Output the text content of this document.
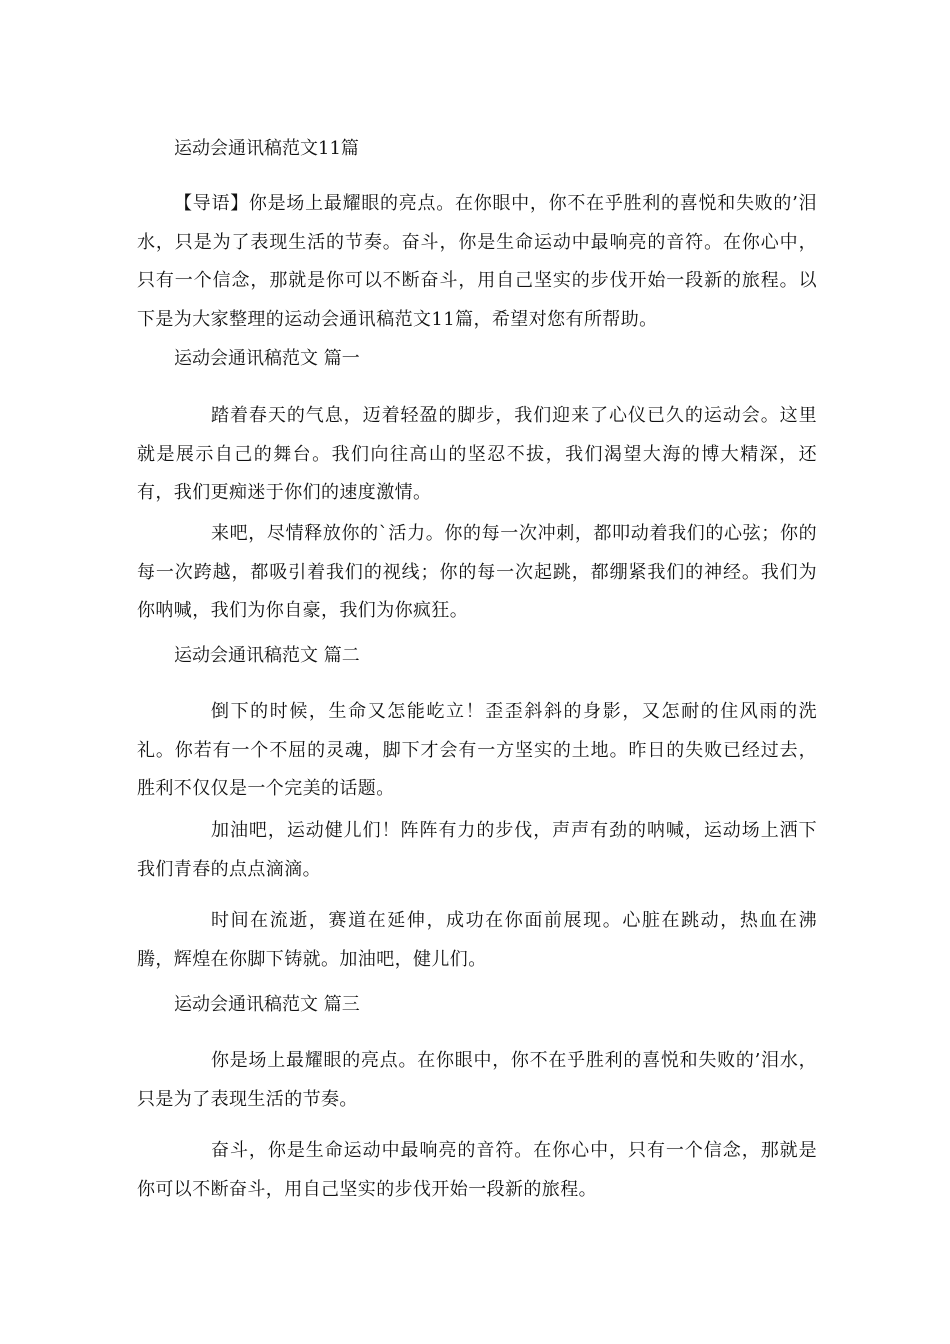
运动会通讯稿范文11篇
【导语】你是场上最耀眼的亮点。在你眼中，你不在乎胜利的喜悦和失败的’泪水，只是为了表现生活的节奏。奋斗，你是生命运动中最响亮的音符。在你心中，只有一个信念，那就是你可以不断奋斗，用自己坚实的步伐开始一段新的旅程。以下是为大家整理的运动会通讯稿范文11篇，希望对您有所帮助。
运动会通讯稿范文 篇一
踏着春天的气息，迈着轻盈的脚步，我们迎来了心仪已久的运动会。这里就是展示自己的舞台。我们向往高山的坚忍不拔，我们渴望大海的博大精深，还有，我们更痴迷于你们的速度激情。
来吧，尽情释放你的`活力。你的每一次冲刺，都叩动着我们的心弦；你的每一次跨越，都吸引着我们的视线；你的每一次起跳，都绷紧我们的神经。我们为你呐喊，我们为你自豪，我们为你疯狂。
运动会通讯稿范文 篇二
倒下的时候，生命又怎能屹立！歪歪斜斜的身影，又怎耐的住风雨的洗礼。你若有一个不屈的灵魂，脚下才会有一方坚实的土地。昨日的失败已经过去，胜利不仅仅是一个完美的话题。
加油吧，运动健儿们！阵阵有力的步伐，声声有劲的呐喊，运动场上洒下我们青春的点点滴滴。
时间在流逝，赛道在延伸，成功在你面前展现。心脏在跳动，热血在沸腾，辉煌在你脚下铸就。加油吧，健儿们。
运动会通讯稿范文 篇三
你是场上最耀眼的亮点。在你眼中，你不在乎胜利的喜悦和失败的’泪水，只是为了表现生活的节奏。
奋斗，你是生命运动中最响亮的音符。在你心中，只有一个信念，那就是你可以不断奋斗，用自己坚实的步伐开始一段新的旅程。
